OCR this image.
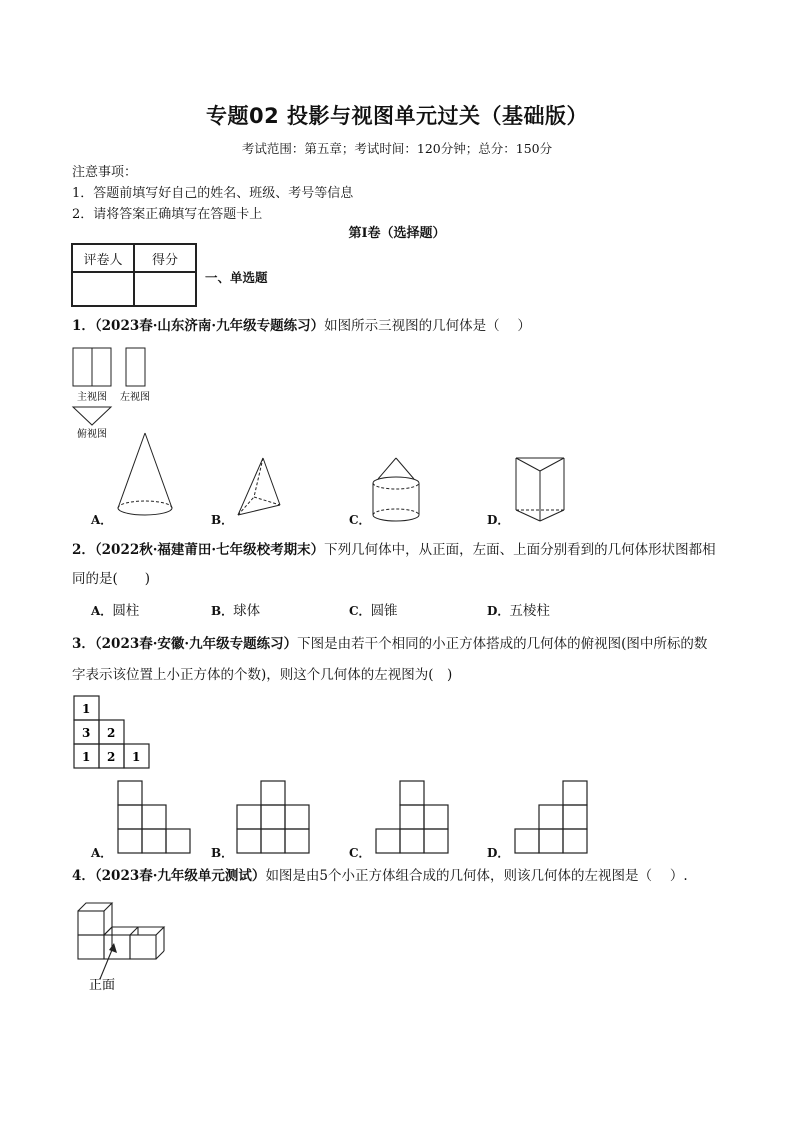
专题02 投影与视图单元过关（基础版）
考试范围：第五章；考试时间：120分钟；总分：150分
注意事项：
1．答题前填写好自己的姓名、班级、考号等信息
2．请将答案正确填写在答题卡上
第I卷（选择题）
评卷人	得分

一、单选题
1．（2023春·山东济南·九年级专题练习）如图所示三视图的几何体是（　 ）
主视图 左视图
俯视图
A．	B．	C．	D．
2．（2022秋·福建莆田·七年级校考期末）下列几何体中，从正面，左面、上面分别看到的几何体形状图都相
同的是(　　)
A．圆柱	B．球体	C．圆锥	D．五棱柱
3．（2023春·安徽·九年级专题练习）下图是由若干个相同的小正方体搭成的几何体的俯视图(图中所标的数
字表示该位置上小正方体的个数)，则这个几何体的左视图为(　)
1
3 2
1 2 1
A．	B．	C．	D．
4．（2023春·九年级单元测试）如图是由5个小正方体组合成的几何体，则该几何体的左视图是（　 ）.
正面
